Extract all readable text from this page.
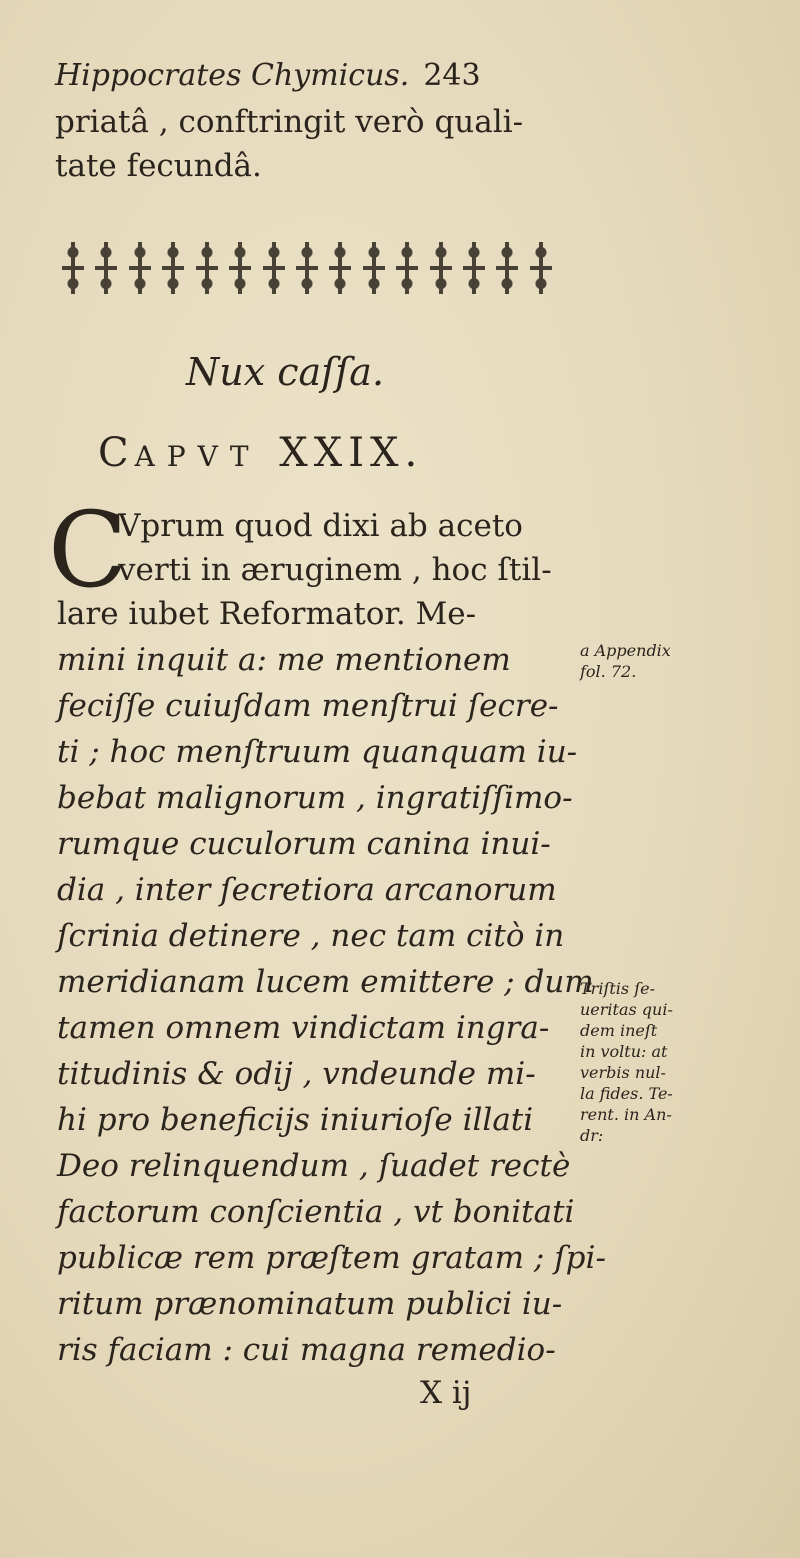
Hippocrates Chymicus. 243
priatâ , conftringit verò quali-
tate fecundâ.
Nux caſſa.
CAPVT XXIX.
C
Vprum quod dixi ab aceto
verti in æruginem , hoc ſtil-
lare iubet Reformator. Me-
mini inquit a: me mentionem
feciſſe cuiuſdam menſtrui ſecre-
ti ; hoc menſtruum quanquam iu-
bebat malignorum , ingratiſſimo-
rumque cuculorum canina inui-
dia , inter ſecretiora arcanorum
ſcrinia detinere , nec tam citò in
meridianam lucem emittere ; dum
tamen omnem vindictam ingra-
titudinis & odij , vndeunde mi-
hi pro beneficijs iniurioſe illati
Deo relinquendum , ſuadet rectè
factorum conſcientia , vt bonitati
publicæ rem præſtem gratam ; ſpi-
ritum prænominatum publici iu-
ris faciam : cui magna remedio-
a Appendix
fol. 72.
Triſtis ſe-
ueritas qui-
dem ineſt
in voltu: at
verbis nul-
la fides. Te-
rent. in An-
dr:
X ij
